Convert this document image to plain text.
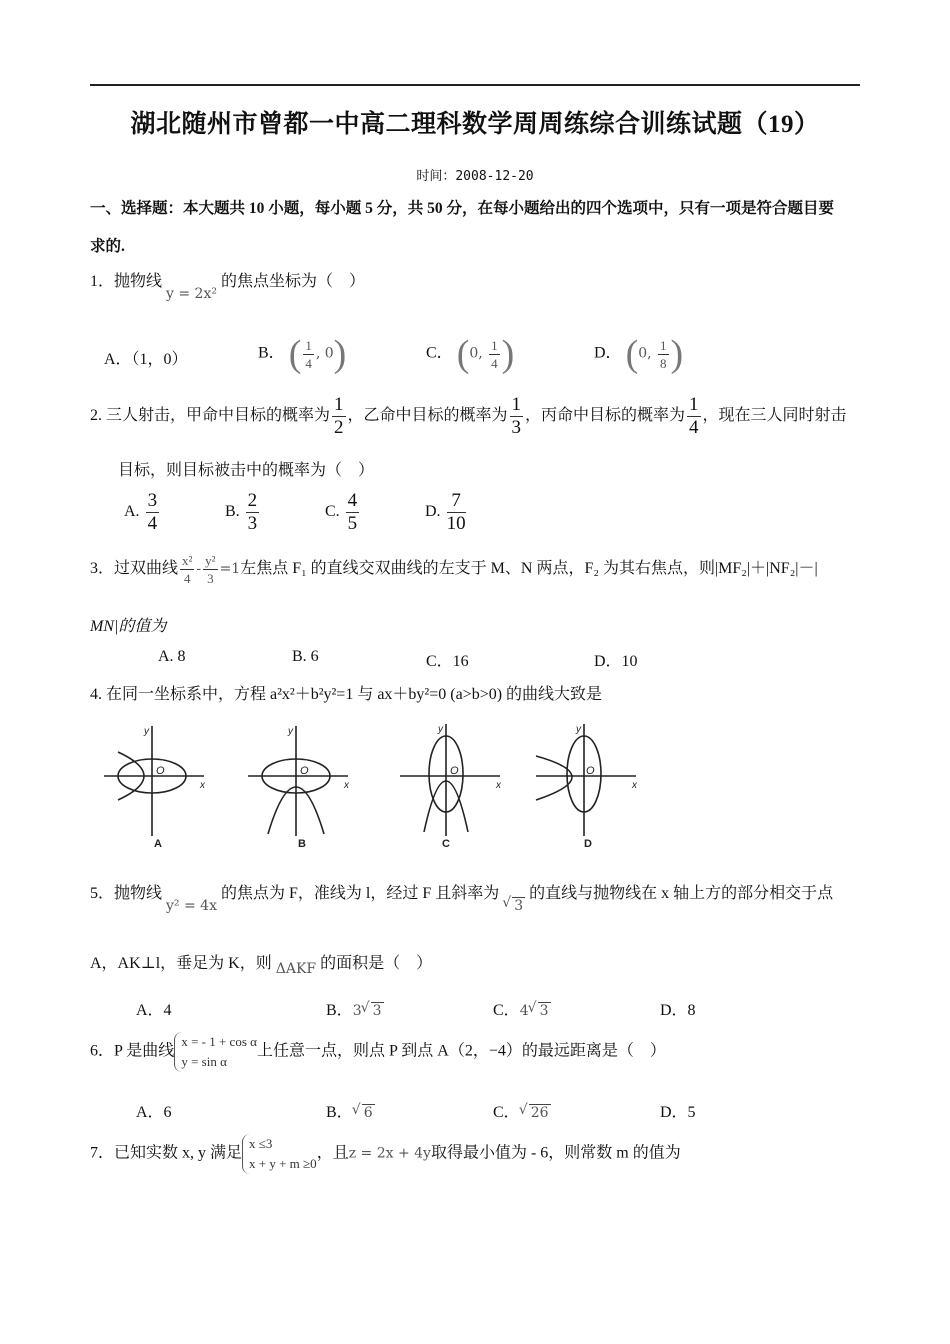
湖北随州市曾都一中高二理科数学周周练综合训练试题（19）
时间：2008-12-20
一、选择题：本大题共 10 小题，每小题 5 分，共 50 分，在每小题给出的四个选项中，只有一项是符合题目要
求的.
1．抛物线 y = 2x² 的焦点坐标为（　）
A．（1，0）	B． ( $\frac{1}{4}$ , 0)	C． (0, $\frac{1}{4}$ )	D． (0, $\frac{1}{8}$ )
2. 三人射击，甲命中目标的概率为 $\frac{1}{2}$ ，乙命中目标的概率为 $\frac{1}{3}$ ，丙命中目标的概率为 $\frac{1}{4}$ ，现在三人同时射击
目标，则目标被击中的概率为（　）
A. $\frac{3}{4}$	B. $\frac{2}{3}$	C. $\frac{4}{5}$	D. $\frac{7}{10}$
3．过双曲线 $\frac{\text{x²}}{4} - \frac{\text{y²}}{3} =1$左焦点 F₁ 的直线交双曲线的左支于 M、N 两点，F₂ 为其右焦点，则|MF₂|＋|NF₂|－|
MN|的值为
A. 8	B. 6	C．16	D．10
4. 在同一坐标系中，方程 a²x²＋b²y²=1 与 ax＋by²=0 (a>b>0) 的曲线大致是
y
x
O
y
x
O
y
x
O
y
x
O
A	B	C	D
5．抛物线 y² = 4x 的焦点为 F，准线为 l，经过 F 且斜率为 √ 3 的直线与抛物线在 x 轴上方的部分相交于点
A，AK⊥l，垂足为 K，则 ΔAKF 的面积是（　）
A．4	B．3 √ 3	C．4 √ 3	D．8
6．P 是曲线
x = - 1 + cos α
y = sin α
上任意一点，则点 P 到点 A（2，−4）的最远距离是（　）
A．6	B． √ 6	C． √ 26	D．5
7．已知实数 x, y 满足
x ≤3
x + y + m ≥0
，且z = 2x + 4y取得最小值为 - 6，则常数 m 的值为
